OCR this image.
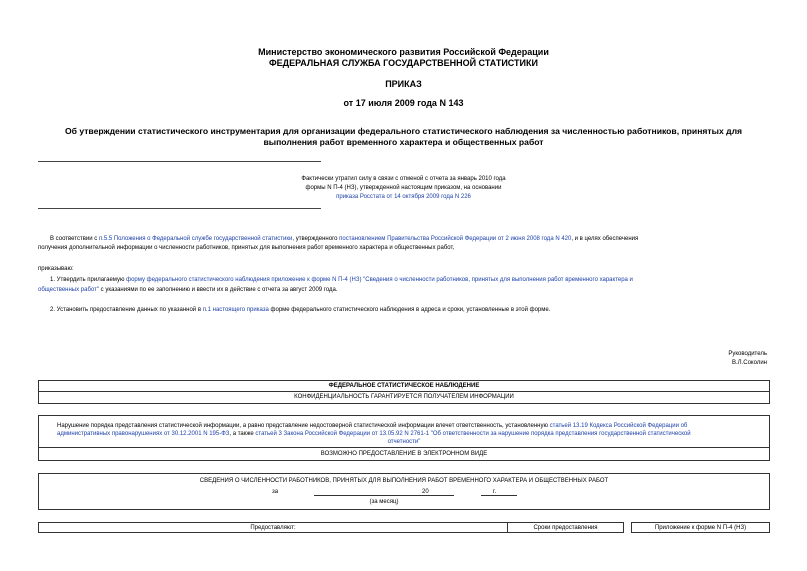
Министерство экономического развития Российской Федерации
ФЕДЕРАЛЬНАЯ СЛУЖБА ГОСУДАРСТВЕННОЙ СТАТИСТИКИ
ПРИКАЗ
от 17 июля 2009 года N 143
Об утверждении статистического инструментария для организации федерального статистического наблюдения за численностью работников, принятых для
выполнения работ временного характера и общественных работ
Фактически утратил силу в связи с отменой с отчета за январь 2010 года
формы N П-4 (НЗ), утвержденной настоящим приказом, на основании
приказа Росстата от 14 октября 2009 года N 226
В соответствии с п.5.5 Положения о Федеральной службе государственной статистики, утвержденного постановлением Правительства Российской Федерации от 2 июня 2008 года N 420, и в целях обеспечения
получения дополнительной информации о численности работников, принятых для выполнения работ временного характера и общественных работ,
приказываю:
1. Утвердить прилагаемую форму федерального статистического наблюдения приложение к форме N П-4 (НЗ) "Сведения о численности работников, принятых для выполнения работ временного характера и
общественных работ" с указаниями по ее заполнению и ввести их в действие с отчета за август 2009 года.
2. Установить предоставление данных по указанной в п.1 настоящего приказа форме федерального статистического наблюдения в адреса и сроки, установленные в этой форме.
Руководитель
В.Л.Соколин
ФЕДЕРАЛЬНОЕ СТАТИСТИЧЕСКОЕ НАБЛЮДЕНИЕ
КОНФИДЕНЦИАЛЬНОСТЬ ГАРАНТИРУЕТСЯ ПОЛУЧАТЕЛЕМ ИНФОРМАЦИИ
Нарушение порядка представления статистической информации, а равно представление недостоверной статистической информации влечет ответственность, установленную статьей 13.19 Кодекса Российской Федерации об
административных правонарушениях от 30.12.2001 N 195-ФЗ, а также статьей 3 Закона Российской Федерации от 13.05.92 N 2761-1 "Об ответственности за нарушение порядка представления государственной статистической
отчетности"
ВОЗМОЖНО ПРЕДОСТАВЛЕНИЕ В ЭЛЕКТРОННОМ ВИДЕ
СВЕДЕНИЯ О ЧИСЛЕННОСТИ РАБОТНИКОВ, ПРИНЯТЫХ ДЛЯ ВЫПОЛНЕНИЯ РАБОТ ВРЕМЕННОГО ХАРАКТЕРА И ОБЩЕСТВЕННЫХ РАБОТ
за	20	г.
(за месяц)
Предоставляют:	Сроки предоставления	Приложение к форме N П-4 (НЗ)
